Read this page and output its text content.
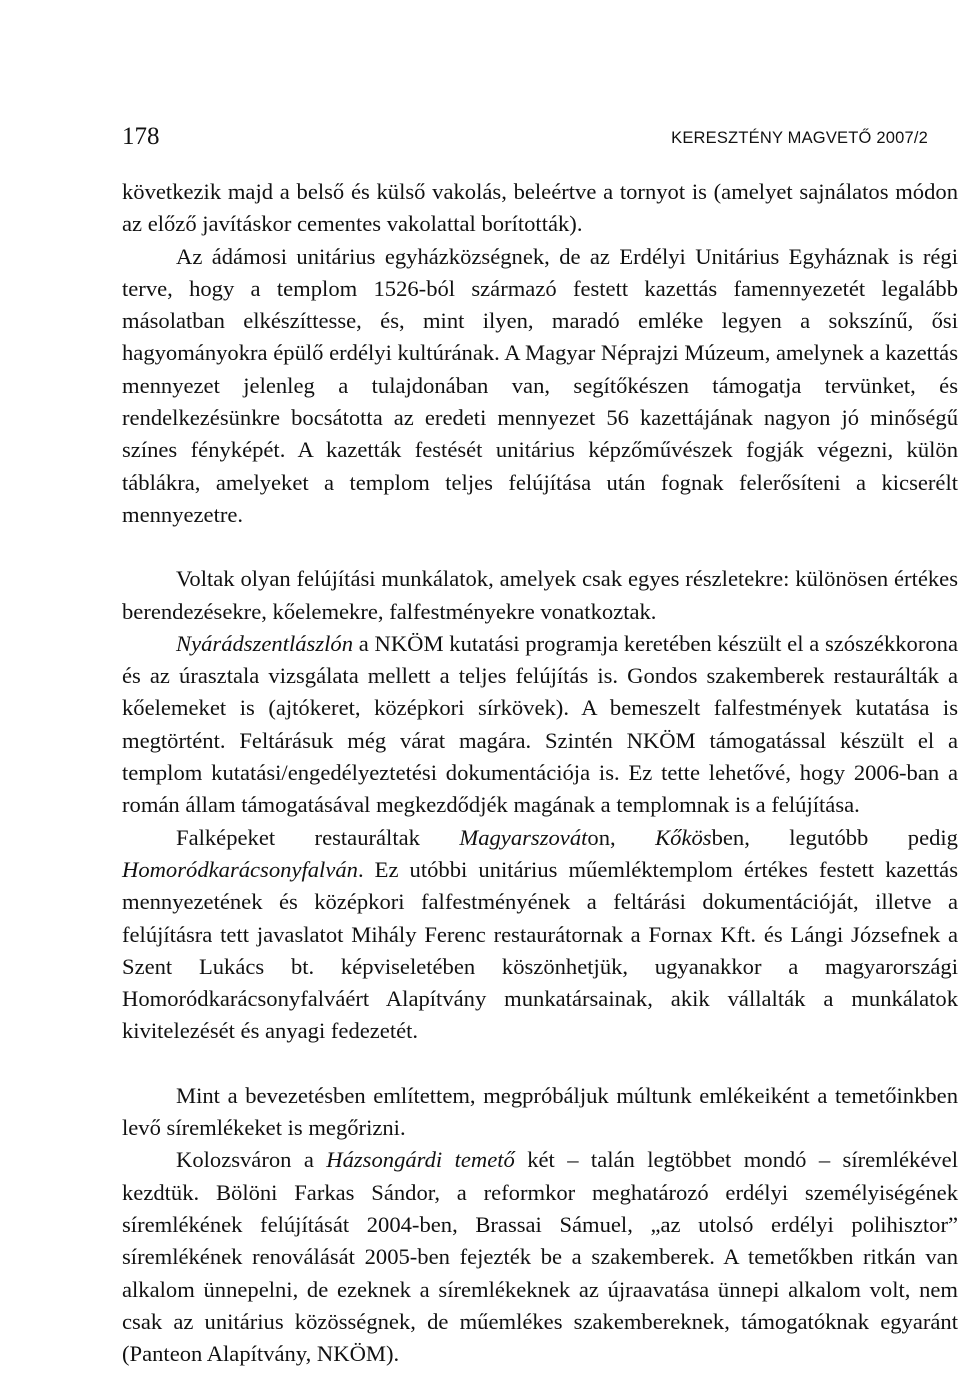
178	KERESZTÉNY MAGVETŐ 2007/2

következik majd a belső és külső vakolás, beleértve a tornyot is (amelyet sajnálatos módon az előző javításkor cementes vakolattal borították).

Az ádámosi unitárius egyházközségnek, de az Erdélyi Unitárius Egyháznak is régi terve, hogy a templom 1526-ból származó festett kazettás famennyezetét legalább másolatban elkészíttesse, és, mint ilyen, maradó emléke legyen a sokszínű, ősi hagyományokra épülő erdélyi kultúrának. A Magyar Néprajzi Múzeum, amelynek a kazettás mennyezet jelenleg a tulajdonában van, segítőkészen támogatja tervünket, és rendelkezésünkre bocsátotta az eredeti mennyezet 56 kazettájának nagyon jó minőségű színes fényképét. A kazetták festését unitárius képzőművészek fogják végezni, külön táblákra, amelyeket a templom teljes felújítása után fognak felerősíteni a kicserélt mennyezetre.

Voltak olyan felújítási munkálatok, amelyek csak egyes részletekre: különösen értékes berendezésekre, kőelemekre, falfestményekre vonatkoztak.

Nyárádszentlászlón a NKÖM kutatási programja keretében készült el a szószékkorona és az úrasztala vizsgálata mellett a teljes felújítás is. Gondos szakemberek restaurálták a kőelemeket is (ajtókeret, középkori sírkövek). A bemeszelt falfestmények kutatása is megtörtént. Feltárásuk még várat magára. Szintén NKÖM támogatással készült el a templom kutatási/engedélyeztetési dokumentációja is. Ez tette lehetővé, hogy 2006-ban a román állam támogatásával megkezdődjék magának a templomnak is a felújítása.

Falképeket restauráltak Magyarszováton, Kőkösben, legutóbb pedig Homoródkarácsonyfalván. Ez utóbbi unitárius műemléktemplom értékes festett kazettás mennyezetének és középkori falfestményének a feltárási dokumentációját, illetve a felújításra tett javaslatot Mihály Ferenc restaurátornak a Fornax Kft. és Lángi Józsefnek a Szent Lukács bt. képviseletében köszönhetjük, ugyanakkor a magyarországi Homoródkarácsonyfalváért Alapítvány munkatársainak, akik vállalták a munkálatok kivitelezését és anyagi fedezetét.

Mint a bevezetésben említettem, megpróbáljuk múltunk emlékeiként a temetőinkben levő síremlékeket is megőrizni.

Kolozsváron a Házsongárdi temető két – talán legtöbbet mondó – síremlékével kezdtük. Bölöni Farkas Sándor, a reformkor meghatározó erdélyi személyiségének síremlékének felújítását 2004-ben, Brassai Sámuel, „az utolsó erdélyi polihisztor” síremlékének renoválását 2005-ben fejezték be a szakemberek. A temetőkben ritkán van alkalom ünnepelni, de ezeknek a síremlékeknek az újraavatása ünnepi alkalom volt, nem csak az unitárius közösségnek, de műemlékes szakembereknek, támogatóknak egyaránt (Panteon Alapítvány, NKÖM).
